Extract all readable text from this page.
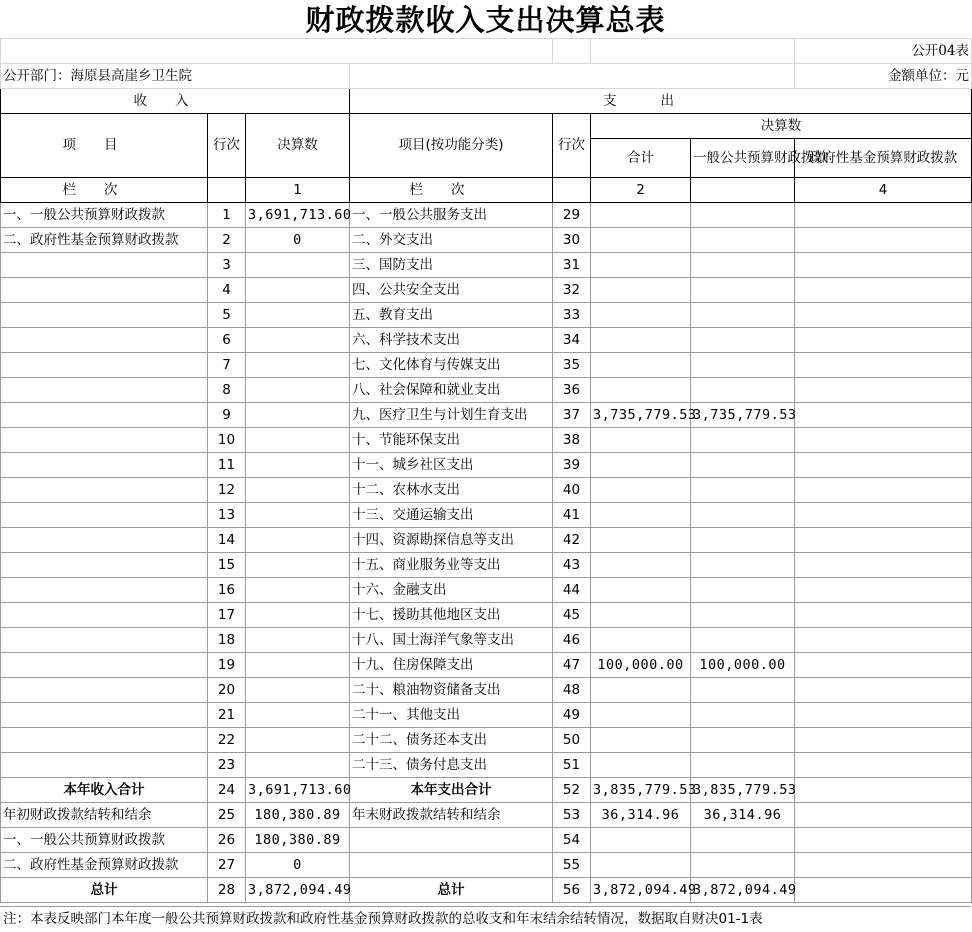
财政拨款收入支出决算总表
							公开04表
公开部门：海原县高崖乡卫生院							金额单位：元
收入			支出				
项目	行次	决算数	项目(按功能分类)	行次	决算数		
					合计	一般公共预算财政拨款	政府性基金预算财政拨款
栏次		1	栏次		2		4
一、一般公共预算财政拨款	1	3,691,713.60	一、一般公共服务支出	29			
二、政府性基金预算财政拨款	2	0	二、外交支出	30			
	3		三、国防支出	31			
	4		四、公共安全支出	32			
	5		五、教育支出	33			
	6		六、科学技术支出	34			
	7		七、文化体育与传媒支出	35			
	8		八、社会保障和就业支出	36			
	9		九、医疗卫生与计划生育支出	37	3,735,779.53	3,735,779.53	
	10		十、节能环保支出	38			
	11		十一、城乡社区支出	39			
	12		十二、农林水支出	40			
	13		十三、交通运输支出	41			
	14		十四、资源勘探信息等支出	42			
	15		十五、商业服务业等支出	43			
	16		十六、金融支出	44			
	17		十七、援助其他地区支出	45			
	18		十八、国土海洋气象等支出	46			
	19		十九、住房保障支出	47	100,000.00	100,000.00	
	20		二十、粮油物资储备支出	48			
	21		二十一、其他支出	49			
	22		二十二、债务还本支出	50			
	23		二十三、债务付息支出	51			
本年收入合计	24	3,691,713.60	本年支出合计	52	3,835,779.53	3,835,779.53	
年初财政拨款结转和结余	25	180,380.89	年末财政拨款结转和结余	53	36,314.96	36,314.96	
一、一般公共预算财政拨款	26	180,380.89		54			
二、政府性基金预算财政拨款	27	0		55			
总计	28	3,872,094.49	总计	56	3,872,094.49	3,872,094.49	
注：本表反映部门本年度一般公共预算财政拨款和政府性基金预算财政拨款的总收支和年末结余结转情况，数据取自财决01-1表
